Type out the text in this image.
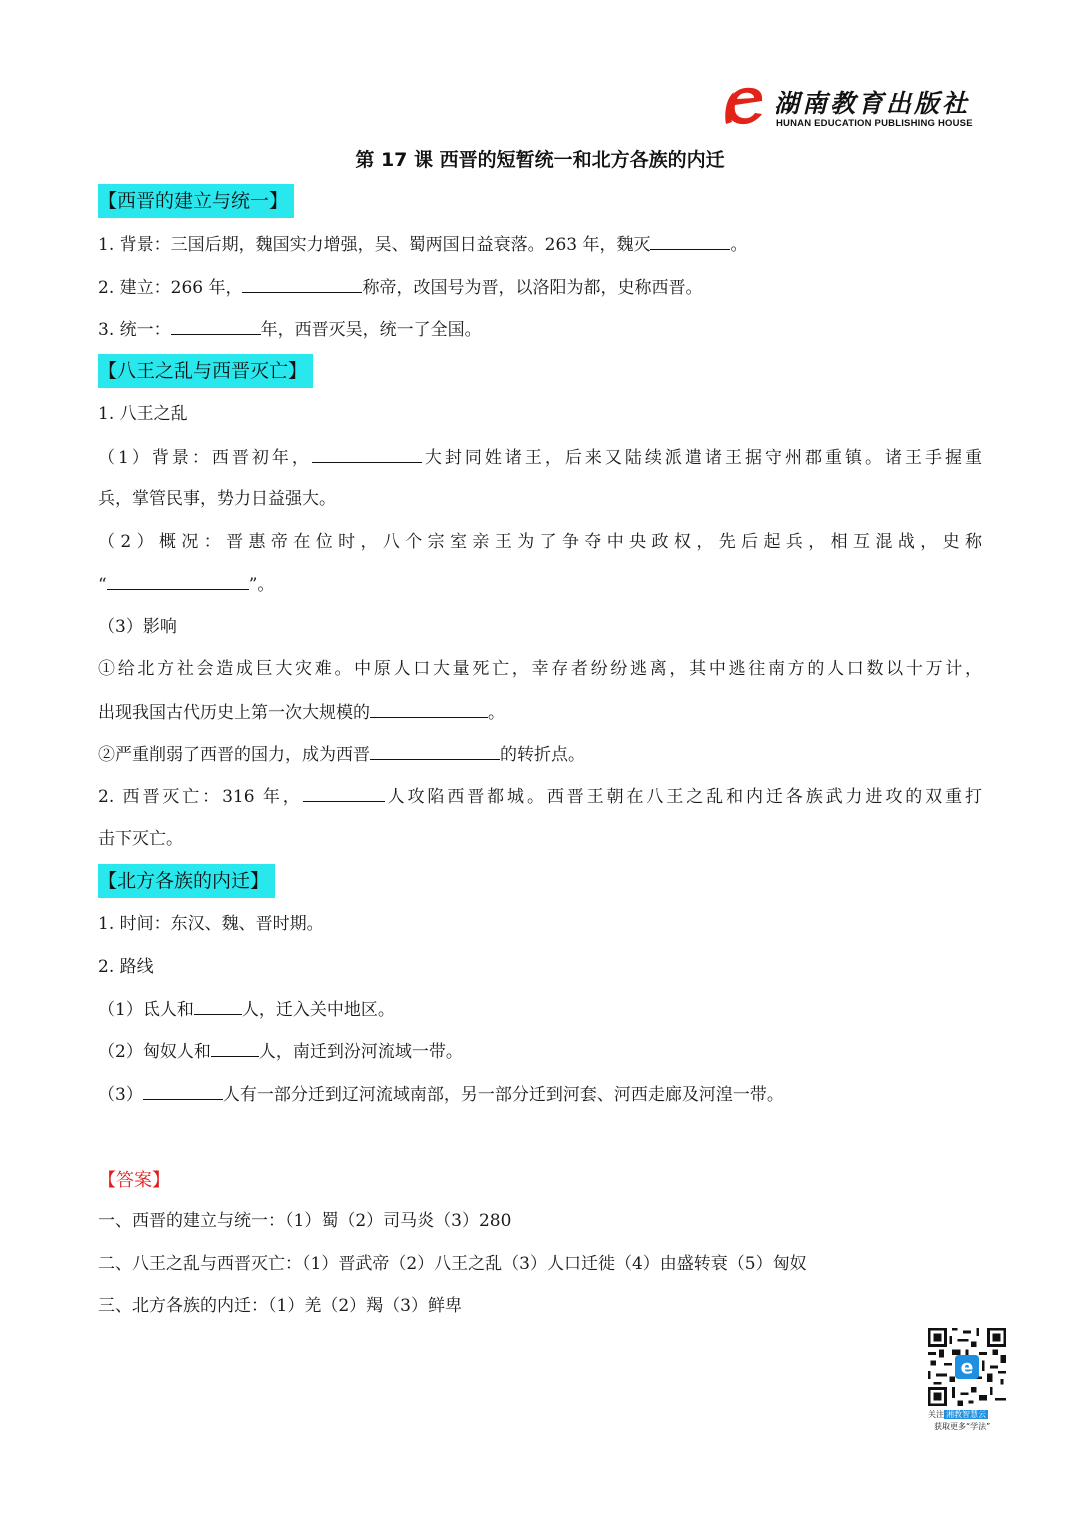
湖南教育出版社
HUNAN EDUCATION PUBLISHING HOUSE
第 17 课 西晋的短暂统一和北方各族的内迁
【西晋的建立与统一】
1. 背景：三国后期，魏国实力增强，吴、蜀两国日益衰落。263 年，魏灭	。
2. 建立：266 年，	称帝，改国号为晋，以洛阳为都，史称西晋。
3. 统一：	年，西晋灭吴，统一了全国。
【八王之乱与西晋灭亡】
1. 八王之乱
（1）背景：西晋初年，	大封同姓诸王，后来又陆续派遣诸王据守州郡重镇。诸王手握重
兵，掌管民事，势力日益强大。
（2）概况：晋惠帝在位时，八个宗室亲王为了争夺中央政权，先后起兵，相互混战，史称
“	”。
（3）影响
①给北方社会造成巨大灾难。中原人口大量死亡，幸存者纷纷逃离，其中逃往南方的人口数以十万计，
出现我国古代历史上第一次大规模的	。
②严重削弱了西晋的国力，成为西晋	的转折点。
2. 西晋灭亡：316 年，	人攻陷西晋都城。西晋王朝在八王之乱和内迁各族武力进攻的双重打
击下灭亡。
【北方各族的内迁】
1. 时间：东汉、魏、晋时期。
2. 路线
（1）氐人和	人，迁入关中地区。
（2）匈奴人和	人，南迁到汾河流域一带。
（3）	人有一部分迁到辽河流域南部，另一部分迁到河套、河西走廊及河湟一带。
【答案】
一、西晋的建立与统一：（1）蜀（2）司马炎（3）280
二、八王之乱与西晋灭亡：（1）晋武帝（2）八王之乱（3）人口迁徙（4）由盛转衰（5）匈奴
三、北方各族的内迁：（1）羌（2）羯（3）鲜卑
e
关注 湘教智慧云
获取更多“学法”
